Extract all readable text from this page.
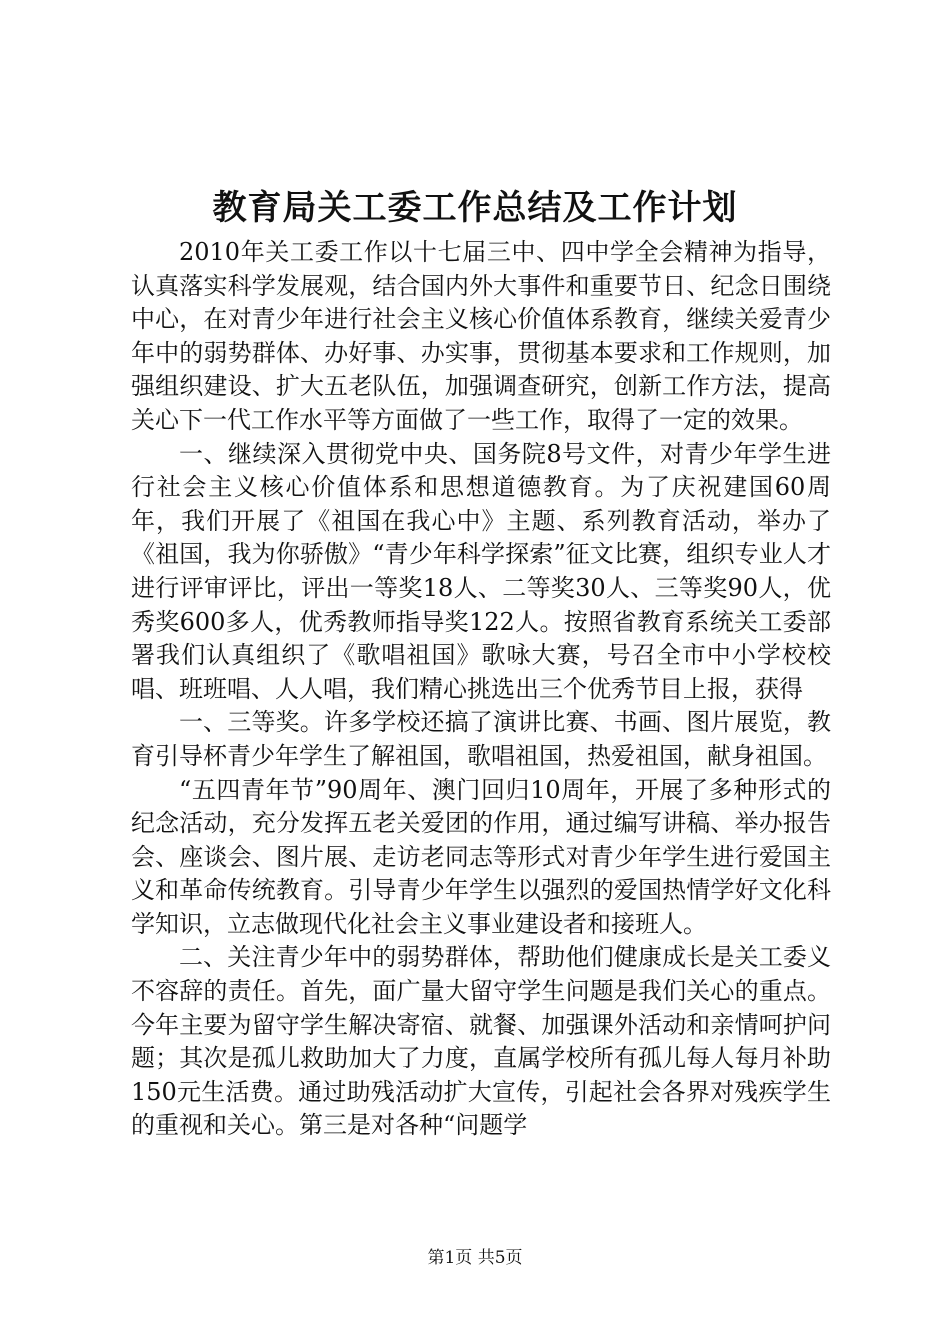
教育局关工委工作总结及工作计划

2010年关工委工作以十七届三中、四中学全会精神为指导，认真落实科学发展观，结合国内外大事件和重要节日、纪念日围绕中心，在对青少年进行社会主义核心价值体系教育，继续关爱青少年中的弱势群体、办好事、办实事，贯彻基本要求和工作规则，加强组织建设、扩大五老队伍，加强调查研究，创新工作方法，提高关心下一代工作水平等方面做了一些工作，取得了一定的效果。

一、继续深入贯彻党中央、国务院8号文件，对青少年学生进行社会主义核心价值体系和思想道德教育。为了庆祝建国60周年，我们开展了《祖国在我心中》主题、系列教育活动，举办了《祖国，我为你骄傲》“青少年科学探索”征文比赛，组织专业人才进行评审评比，评出一等奖18人、二等奖30人、三等奖90人，优秀奖600多人，优秀教师指导奖122人。按照省教育系统关工委部署我们认真组织了《歌唱祖国》歌咏大赛，号召全市中小学校校唱、班班唱、人人唱，我们精心挑选出三个优秀节目上报，获得

一、三等奖。许多学校还搞了演讲比赛、书画、图片展览，教育引导杯青少年学生了解祖国，歌唱祖国，热爱祖国，献身祖国。

“五四青年节”90周年、澳门回归10周年，开展了多种形式的纪念活动，充分发挥五老关爱团的作用，通过编写讲稿、举办报告会、座谈会、图片展、走访老同志等形式对青少年学生进行爱国主义和革命传统教育。引导青少年学生以强烈的爱国热情学好文化科学知识，立志做现代化社会主义事业建设者和接班人。

二、关注青少年中的弱势群体，帮助他们健康成长是关工委义不容辞的责任。首先，面广量大留守学生问题是我们关心的重点。今年主要为留守学生解决寄宿、就餐、加强课外活动和亲情呵护问题；其次是孤儿救助加大了力度，直属学校所有孤儿每人每月补助150元生活费。通过助残活动扩大宣传，引起社会各界对残疾学生的重视和关心。第三是对各种“问题学

第1页 共5页
